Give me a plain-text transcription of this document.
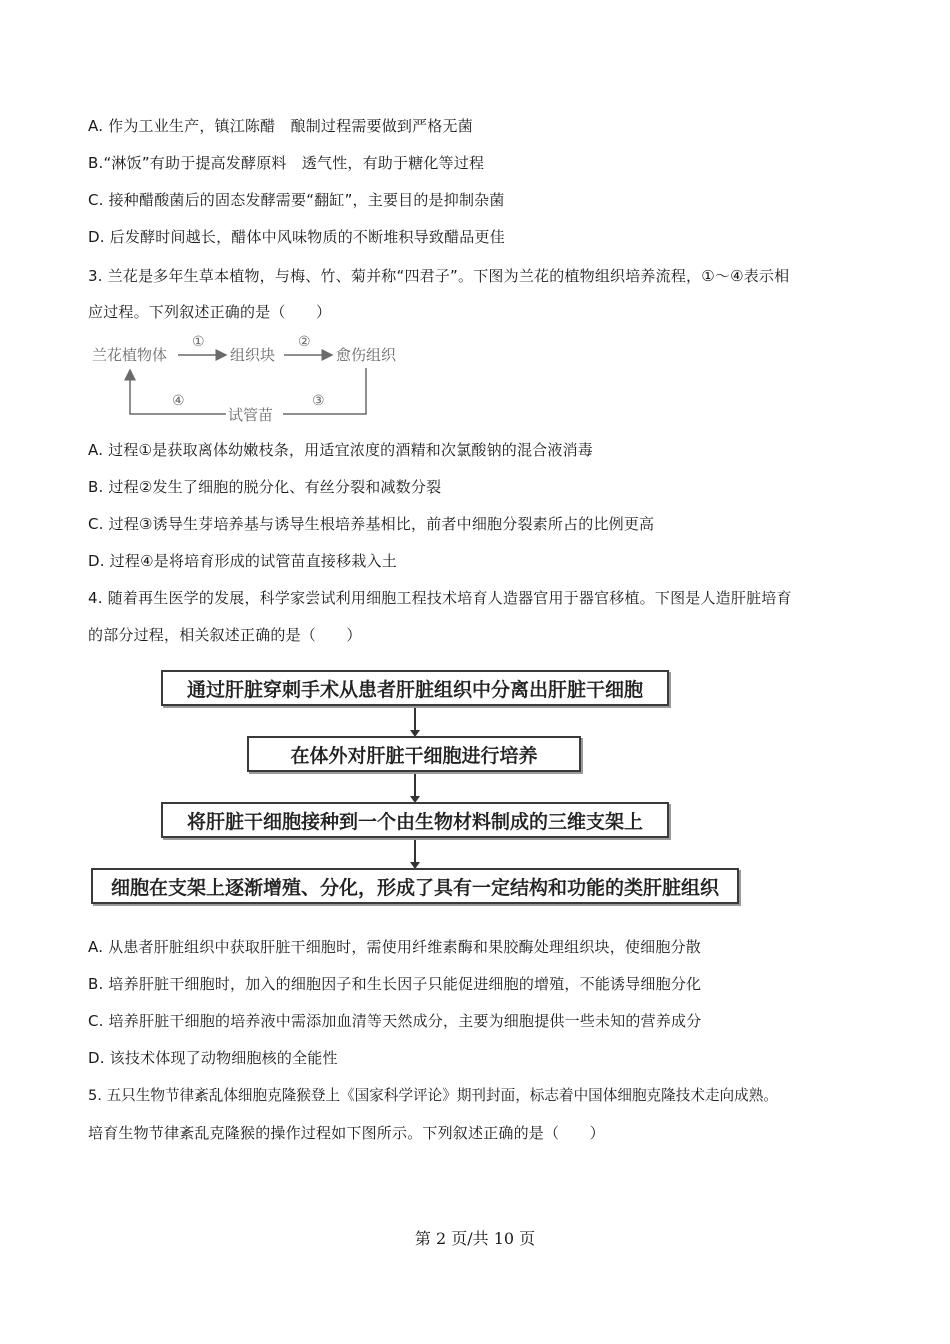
A. 作为工业生产，镇江陈醋　酿制过程需要做到严格无菌
B.“淋饭”有助于提高发酵原料　透气性，有助于糖化等过程
C. 接种醋酸菌后的固态发酵需要“翻缸”，主要目的是抑制杂菌
D. 后发酵时间越长，醋体中风味物质的不断堆积导致醋品更佳
3. 兰花是多年生草本植物，与梅、竹、菊并称“四君子”。下图为兰花的植物组织培养流程，①～④表示相
应过程。下列叙述正确的是（　　）
兰花植物体	组织块	愈伤组织
试管苗
①	②
③
④
A. 过程①是获取离体幼嫩枝条，用适宜浓度的酒精和次氯酸钠的混合液消毒
B. 过程②发生了细胞的脱分化、有丝分裂和减数分裂
C. 过程③诱导生芽培养基与诱导生根培养基相比，前者中细胞分裂素所占的比例更高
D. 过程④是将培育形成的试管苗直接移栽入土
4. 随着再生医学的发展，科学家尝试利用细胞工程技术培育人造器官用于器官移植。下图是人造肝脏培育
的部分过程，相关叙述正确的是（　　）
通过肝脏穿刺手术从患者肝脏组织中分离出肝脏干细胞
在体外对肝脏干细胞进行培养
将肝脏干细胞接种到一个由生物材料制成的三维支架上
细胞在支架上逐渐增殖、分化，形成了具有一定结构和功能的类肝脏组织
A. 从患者肝脏组织中获取肝脏干细胞时，需使用纤维素酶和果胶酶处理组织块，使细胞分散
B. 培养肝脏干细胞时，加入的细胞因子和生长因子只能促进细胞的增殖，不能诱导细胞分化
C. 培养肝脏干细胞的培养液中需添加血清等天然成分，主要为细胞提供一些未知的营养成分
D. 该技术体现了动物细胞核的全能性
5. 五只生物节律紊乱体细胞克隆猴登上《国家科学评论》期刊封面，标志着中国体细胞克隆技术走向成熟。
培育生物节律紊乱克隆猴的操作过程如下图所示。下列叙述正确的是（　　）
第 2 页/共 10 页
